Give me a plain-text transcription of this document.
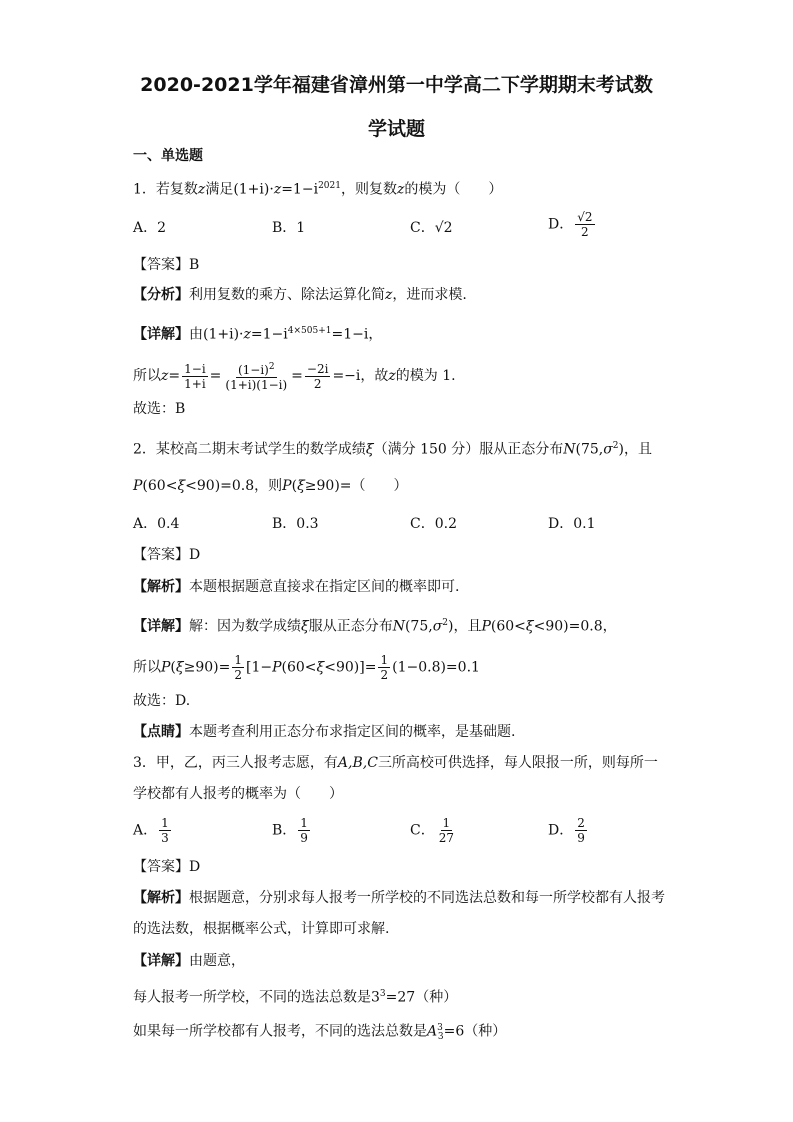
2020-2021学年福建省漳州第一中学高二下学期期末考试数
学试题
一、单选题
1．若复数z满足$(1+i)\cdot z=1-i^{2021}$，则复数z的模为（　　）
A．2	B．1	C．√2	D． $\frac{√2}{2}$
【答案】B
【分析】利用复数的乘方、除法运算化简z，进而求模.
【详解】由$(1+i)\cdot z=1-i^{4\times 505+1}=1-i$，
所以$z= \frac{1-i}{1+i} = \frac{(1-i)^2}{(1+i)(1-i)} = \frac{-2i}{2} =-i$，故z的模为 1.
故选：B
2．某校高二期末考试学生的数学成绩ξ（满分 150 分）服从正态分布$N(75,\sigma^2)$，且
P(60<ξ<90)=0.8，则P(ξ≥90)=（　　）
A．0.4	B．0.3	C．0.2	D．0.1
【答案】D
【解析】本题根据题意直接求在指定区间的概率即可.
【详解】解：因为数学成绩ξ服从正态分布$N(75,\sigma^2)$，且P(60<ξ<90)=0.8，
所以$P(\xi\ge 90)= \frac{1}{2} [1-P(60<\xi<90)]= \frac{1}{2} (1-0.8)=0.1$
故选：D.
【点睛】本题考查利用正态分布求指定区间的概率，是基础题.
3．甲，乙，丙三人报考志愿，有A,B,C三所高校可供选择，每人限报一所，则每所一
学校都有人报考的概率为（　　）
A． $\frac{1}{3}$	B． $\frac{1}{9}$	C． $\frac{1}{27}$	D． $\frac{2}{9}$
【答案】D
【解析】根据题意，分别求每人报考一所学校的不同选法总数和每一所学校都有人报考
的选法数，根据概率公式，计算即可求解.
【详解】由题意，
每人报考一所学校，不同的选法总数是$3^3=27$（种）
如果每一所学校都有人报考，不同的选法总数是$A^3_3=6$（种）
